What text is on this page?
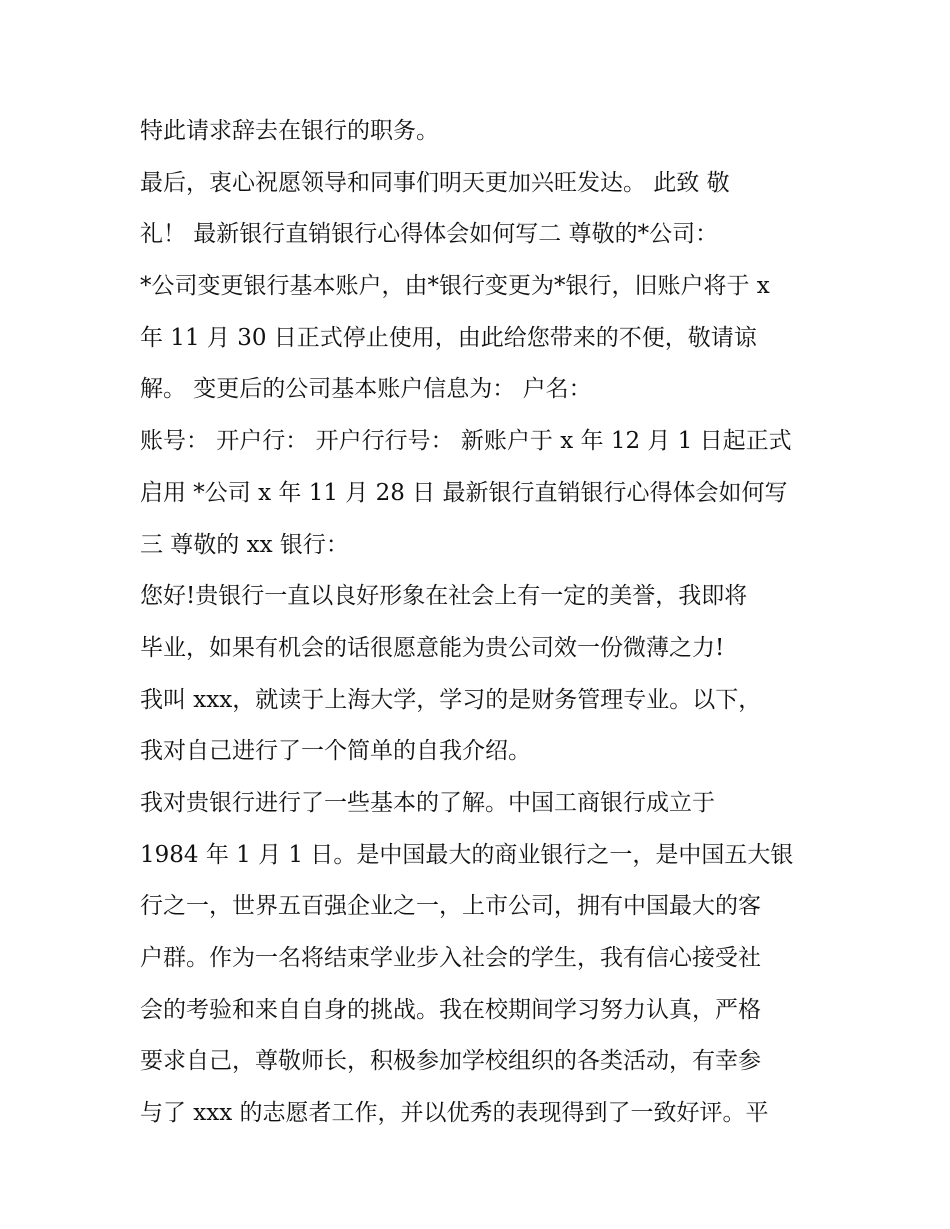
特此请求辞去在银行的职务。
最后，衷心祝愿领导和同事们明天更加兴旺发达。 此致 敬
礼！ 最新银行直销银行心得体会如何写二 尊敬的*公司：
*公司变更银行基本账户，由*银行变更为*银行，旧账户将于 x
年 11 月 30 日正式停止使用，由此给您带来的不便，敬请谅
解。 变更后的公司基本账户信息为： 户名：
账号： 开户行： 开户行行号： 新账户于 x 年 12 月 1 日起正式
启用 *公司 x 年 11 月 28 日 最新银行直销银行心得体会如何写
三 尊敬的 xx 银行：
您好!贵银行一直以良好形象在社会上有一定的美誉，我即将
毕业，如果有机会的话很愿意能为贵公司效一份微薄之力!
我叫 xxx，就读于上海大学，学习的是财务管理专业。以下，
我对自己进行了一个简单的自我介绍。
我对贵银行进行了一些基本的了解。中国工商银行成立于
1984 年 1 月 1 日。是中国最大的商业银行之一，是中国五大银
行之一，世界五百强企业之一，上市公司，拥有中国最大的客
户群。作为一名将结束学业步入社会的学生，我有信心接受社
会的考验和来自自身的挑战。我在校期间学习努力认真，严格
要求自己，尊敬师长，积极参加学校组织的各类活动，有幸参
与了 xxx 的志愿者工作，并以优秀的表现得到了一致好评。平
